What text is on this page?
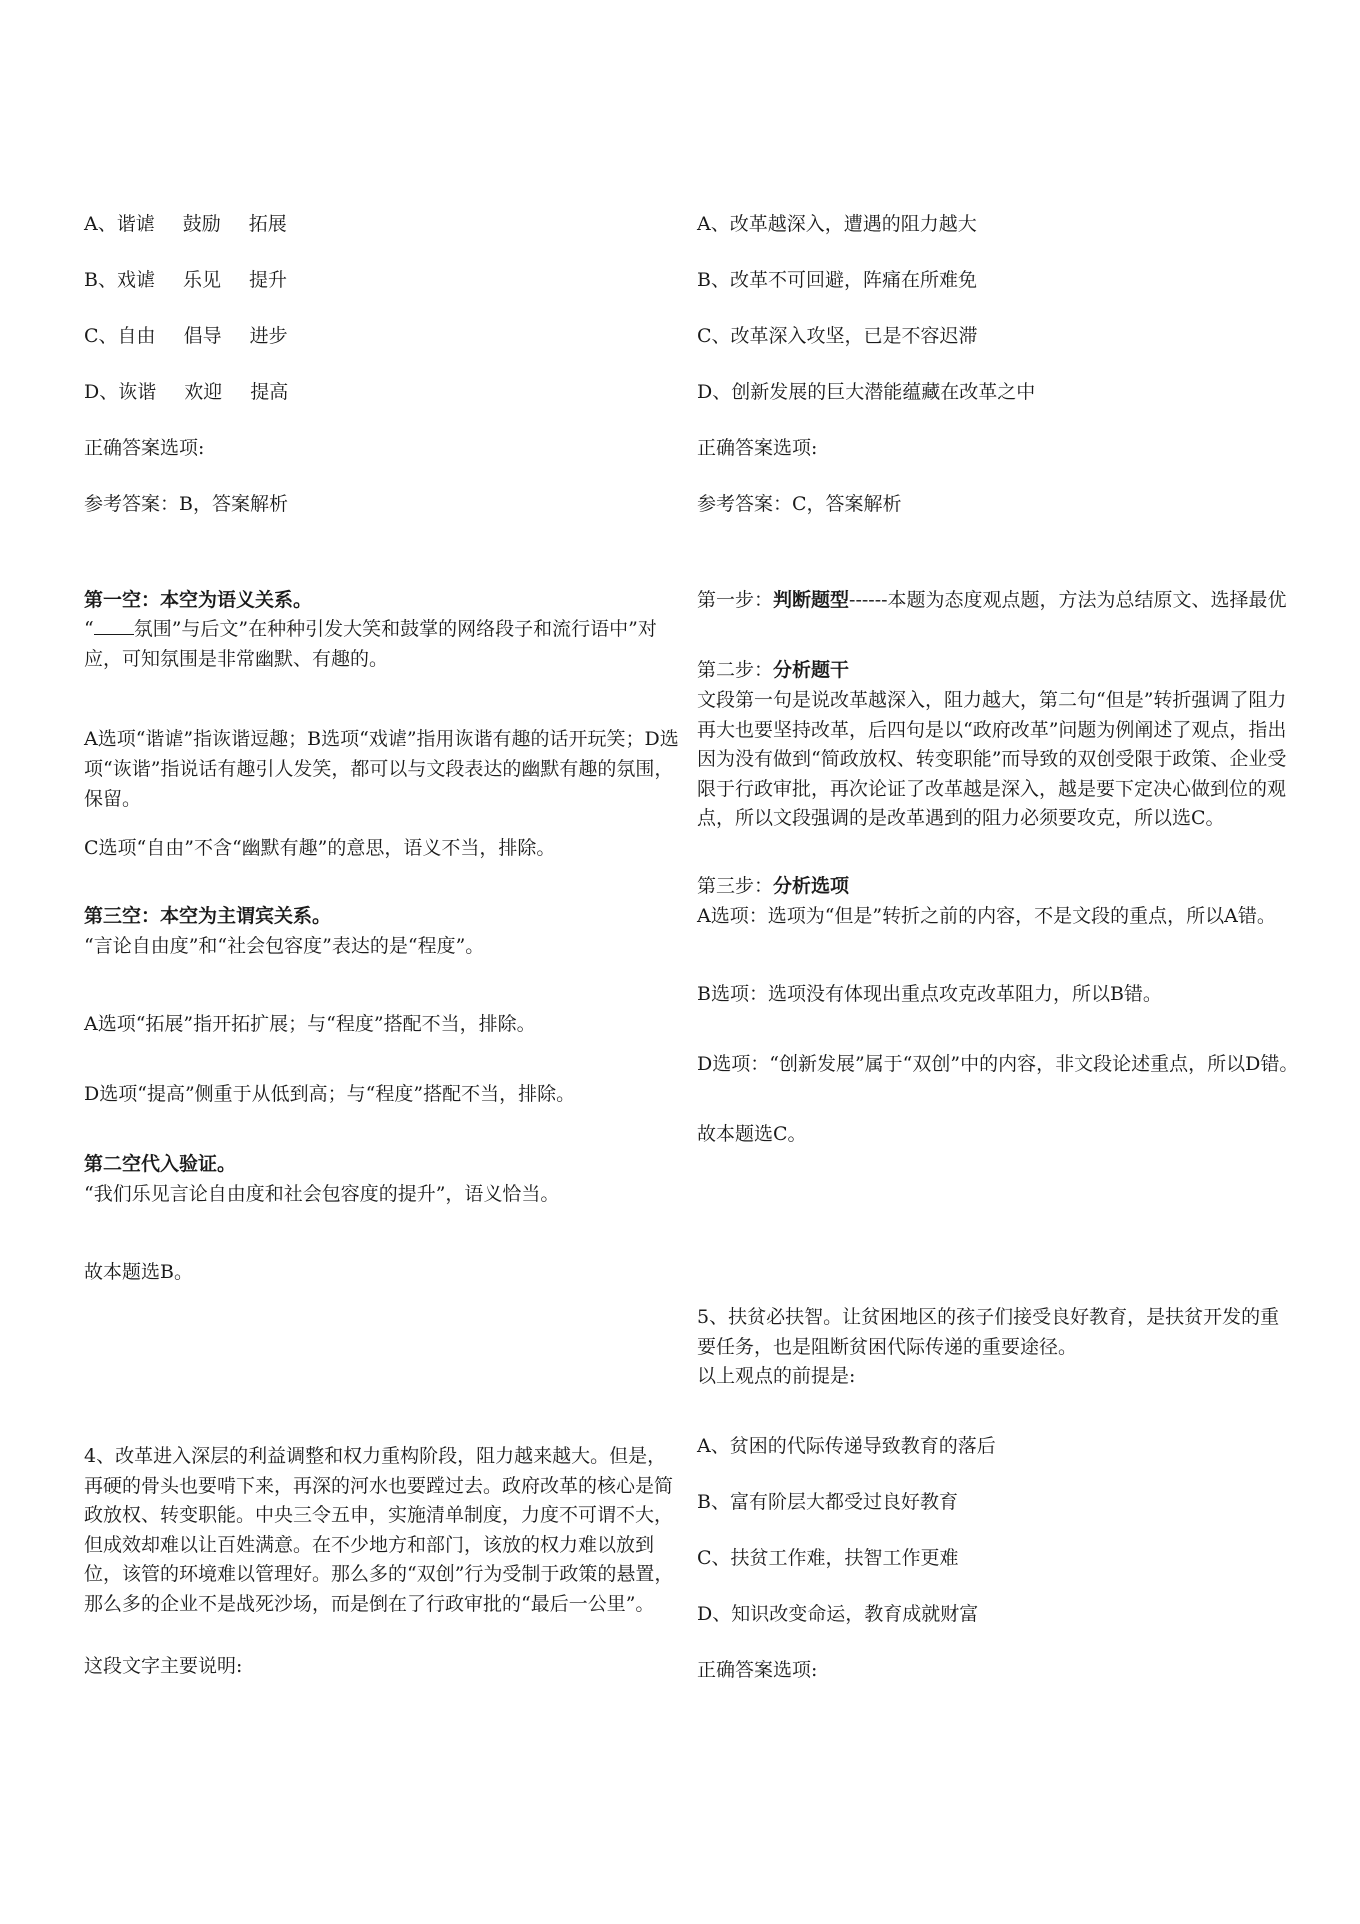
A、谐谑 鼓励 拓展
B、戏谑 乐见 提升
C、自由 倡导 进步
D、诙谐 欢迎 提高
正确答案选项:
参考答案：B，答案解析
第一空：本空为语义关系。
“ 氛围”与后文”在种种引发大笑和鼓掌的网络段子和流行语中”对应，可知氛围是非常幽默、有趣的。
A选项“谐谑”指诙谐逗趣；B选项“戏谑”指用诙谐有趣的话开玩笑；D选项“诙谐”指说话有趣引人发笑，都可以与文段表达的幽默有趣的氛围，保留。
C选项“自由”不含“幽默有趣”的意思，语义不当，排除。
第三空：本空为主谓宾关系。
“言论自由度”和“社会包容度”表达的是“程度”。
A选项“拓展”指开拓扩展；与“程度”搭配不当，排除。
D选项“提高”侧重于从低到高；与“程度”搭配不当，排除。
第二空代入验证。
“我们乐见言论自由度和社会包容度的提升”，语义恰当。
故本题选B。
4、改革进入深层的利益调整和权力重构阶段，阻力越来越大。但是，再硬的骨头也要啃下来，再深的河水也要蹚过去。政府改革的核心是简政放权、转变职能。中央三令五申，实施清单制度，力度不可谓不大，但成效却难以让百姓满意。在不少地方和部门，该放的权力难以放到位，该管的环境难以管理好。那么多的“双创”行为受制于政策的悬置，那么多的企业不是战死沙场，而是倒在了行政审批的“最后一公里”。
这段文字主要说明:
A、改革越深入，遭遇的阻力越大
B、改革不可回避，阵痛在所难免
C、改革深入攻坚，已是不容迟滞
D、创新发展的巨大潜能蕴藏在改革之中
正确答案选项:
参考答案：C，答案解析
第一步：判断题型------本题为态度观点题，方法为总结原文、选择最优
第二步：分析题干
文段第一句是说改革越深入，阻力越大，第二句“但是”转折强调了阻力再大也要坚持改革，后四句是以“政府改革”问题为例阐述了观点，指出因为没有做到“简政放权、转变职能”而导致的双创受限于政策、企业受限于行政审批，再次论证了改革越是深入，越是要下定决心做到位的观点，所以文段强调的是改革遇到的阻力必须要攻克，所以选C。
第三步：分析选项
A选项：选项为“但是”转折之前的内容，不是文段的重点，所以A错。
B选项：选项没有体现出重点攻克改革阻力，所以B错。
D选项：“创新发展”属于“双创”中的内容，非文段论述重点，所以D错。
故本题选C。
5、扶贫必扶智。让贫困地区的孩子们接受良好教育，是扶贫开发的重要任务，也是阻断贫困代际传递的重要途径。
以上观点的前提是:
A、贫困的代际传递导致教育的落后
B、富有阶层大都受过良好教育
C、扶贫工作难，扶智工作更难
D、知识改变命运，教育成就财富
正确答案选项:
